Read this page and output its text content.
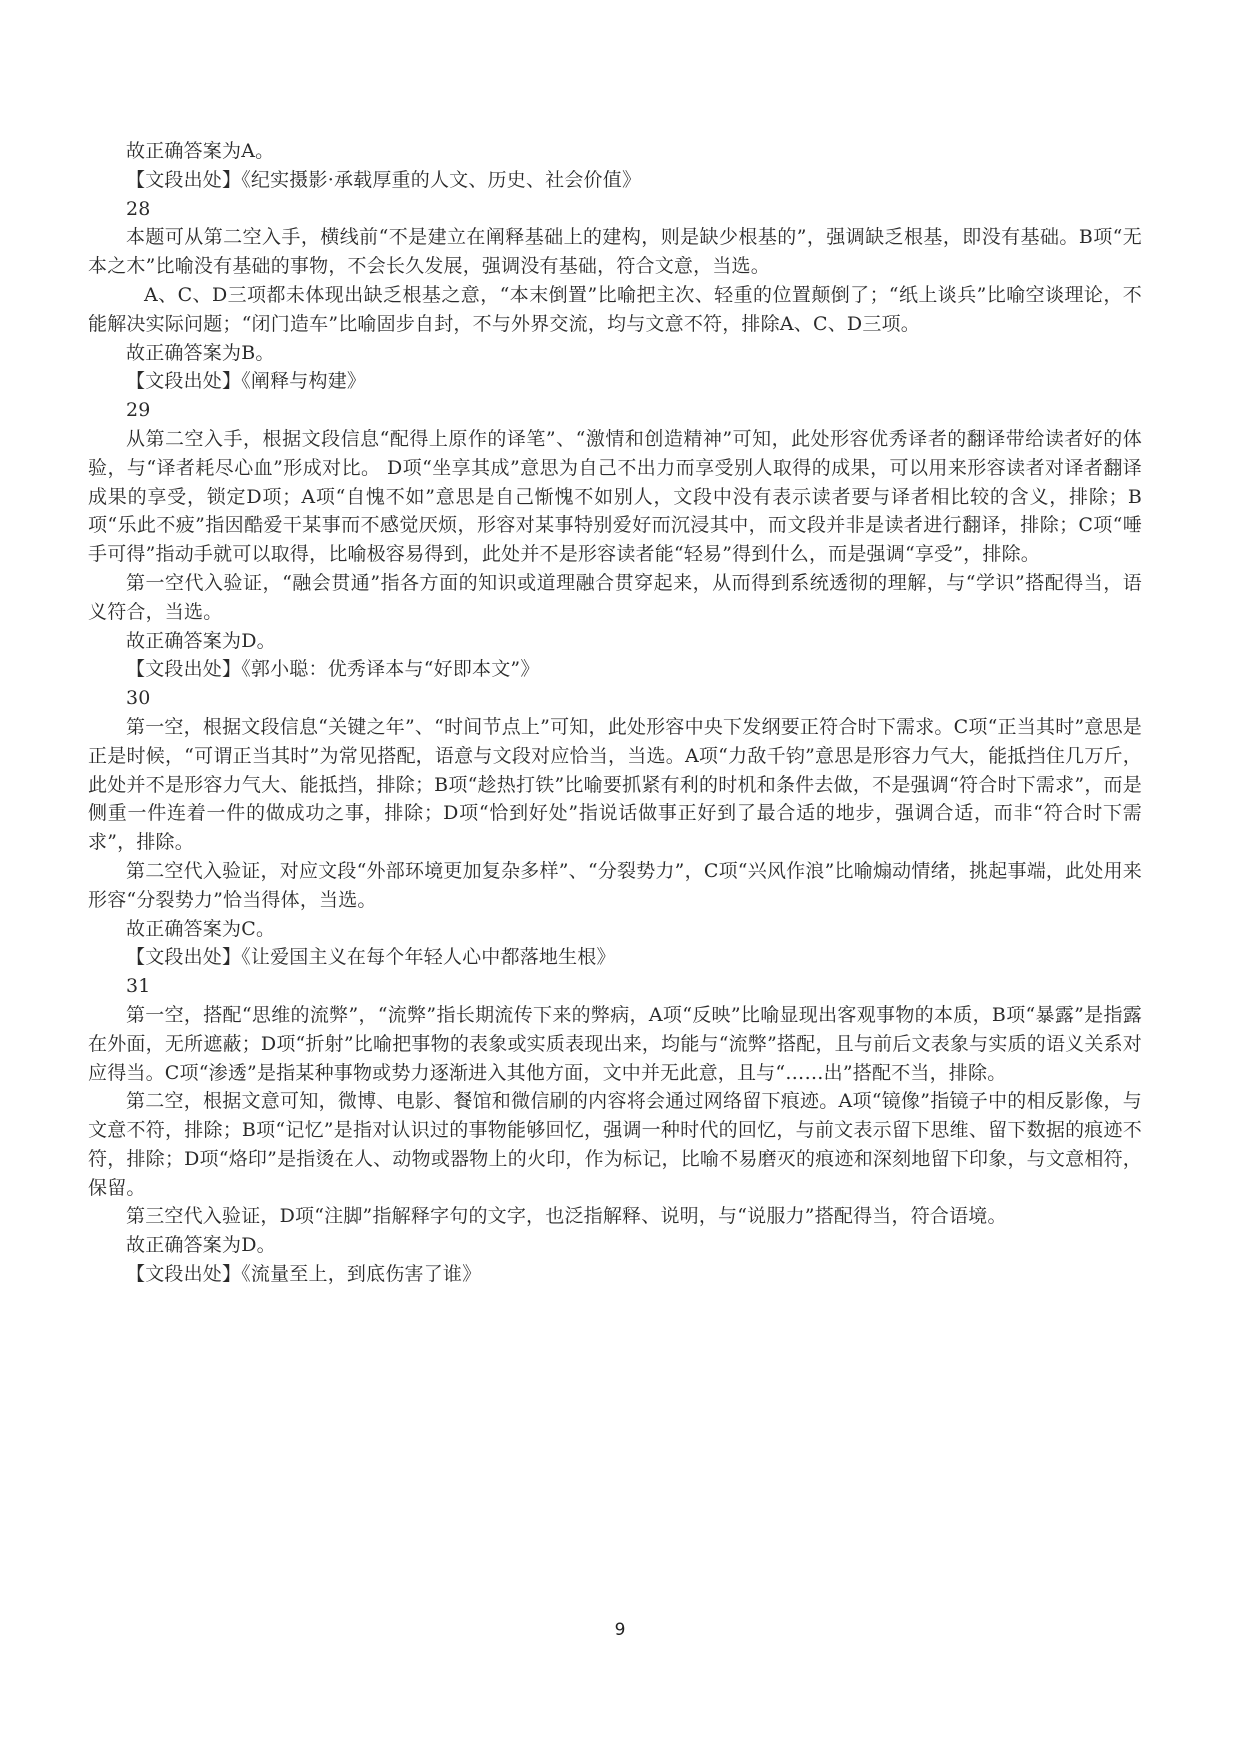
故正确答案为A。

【文段出处】《纪实摄影·承载厚重的人文、历史、社会价值》

28

本题可从第二空入手，横线前“不是建立在阐释基础上的建构，则是缺少根基的”，强调缺乏根基，即没有基础。B项“无本之木”比喻没有基础的事物，不会长久发展，强调没有基础，符合文意，当选。

A、C、D三项都未体现出缺乏根基之意，“本末倒置”比喻把主次、轻重的位置颠倒了；“纸上谈兵”比喻空谈理论，不能解决实际问题；“闭门造车”比喻固步自封，不与外界交流，均与文意不符，排除A、C、D三项。

故正确答案为B。

【文段出处】《阐释与构建》

29

从第二空入手，根据文段信息“配得上原作的译笔”、“激情和创造精神”可知，此处形容优秀译者的翻译带给读者好的体验，与“译者耗尽心血”形成对比。 D项“坐享其成”意思为自己不出力而享受别人取得的成果，可以用来形容读者对译者翻译成果的享受，锁定D项；A项“自愧不如”意思是自己惭愧不如别人，文段中没有表示读者要与译者相比较的含义，排除；B项“乐此不疲”指因酷爱干某事而不感觉厌烦，形容对某事特别爱好而沉浸其中，而文段并非是读者进行翻译，排除；C项“唾手可得”指动手就可以取得，比喻极容易得到，此处并不是形容读者能“轻易”得到什么，而是强调“享受”，排除。

第一空代入验证，“融会贯通”指各方面的知识或道理融合贯穿起来，从而得到系统透彻的理解，与“学识”搭配得当，语义符合，当选。

故正确答案为D。

【文段出处】《郭小聪：优秀译本与“好即本文”》

30

第一空，根据文段信息“关键之年”、“时间节点上”可知，此处形容中央下发纲要正符合时下需求。C项“正当其时”意思是正是时候，“可谓正当其时”为常见搭配，语意与文段对应恰当，当选。A项“力敌千钧”意思是形容力气大，能抵挡住几万斤，此处并不是形容力气大、能抵挡，排除；B项“趁热打铁”比喻要抓紧有利的时机和条件去做，不是强调“符合时下需求”，而是侧重一件连着一件的做成功之事，排除；D项“恰到好处”指说话做事正好到了最合适的地步，强调合适，而非“符合时下需求”，排除。

第二空代入验证，对应文段“外部环境更加复杂多样”、“分裂势力”，C项“兴风作浪”比喻煽动情绪，挑起事端，此处用来形容“分裂势力”恰当得体，当选。

故正确答案为C。

【文段出处】《让爱国主义在每个年轻人心中都落地生根》

31

第一空，搭配“思维的流弊”，“流弊”指长期流传下来的弊病，A项“反映”比喻显现出客观事物的本质，B项“暴露”是指露在外面，无所遮蔽；D项“折射”比喻把事物的表象或实质表现出来，均能与“流弊”搭配，且与前后文表象与实质的语义关系对应得当。C项“渗透”是指某种事物或势力逐渐进入其他方面，文中并无此意，且与“……出”搭配不当，排除。

第二空，根据文意可知，微博、电影、餐馆和微信刷的内容将会通过网络留下痕迹。A项“镜像”指镜子中的相反影像，与文意不符，排除；B项“记忆”是指对认识过的事物能够回忆，强调一种时代的回忆，与前文表示留下思维、留下数据的痕迹不符，排除；D项“烙印”是指烫在人、动物或器物上的火印，作为标记，比喻不易磨灭的痕迹和深刻地留下印象，与文意相符，保留。

第三空代入验证，D项“注脚”指解释字句的文字，也泛指解释、说明，与“说服力”搭配得当，符合语境。

故正确答案为D。

【文段出处】《流量至上，到底伤害了谁》

9
